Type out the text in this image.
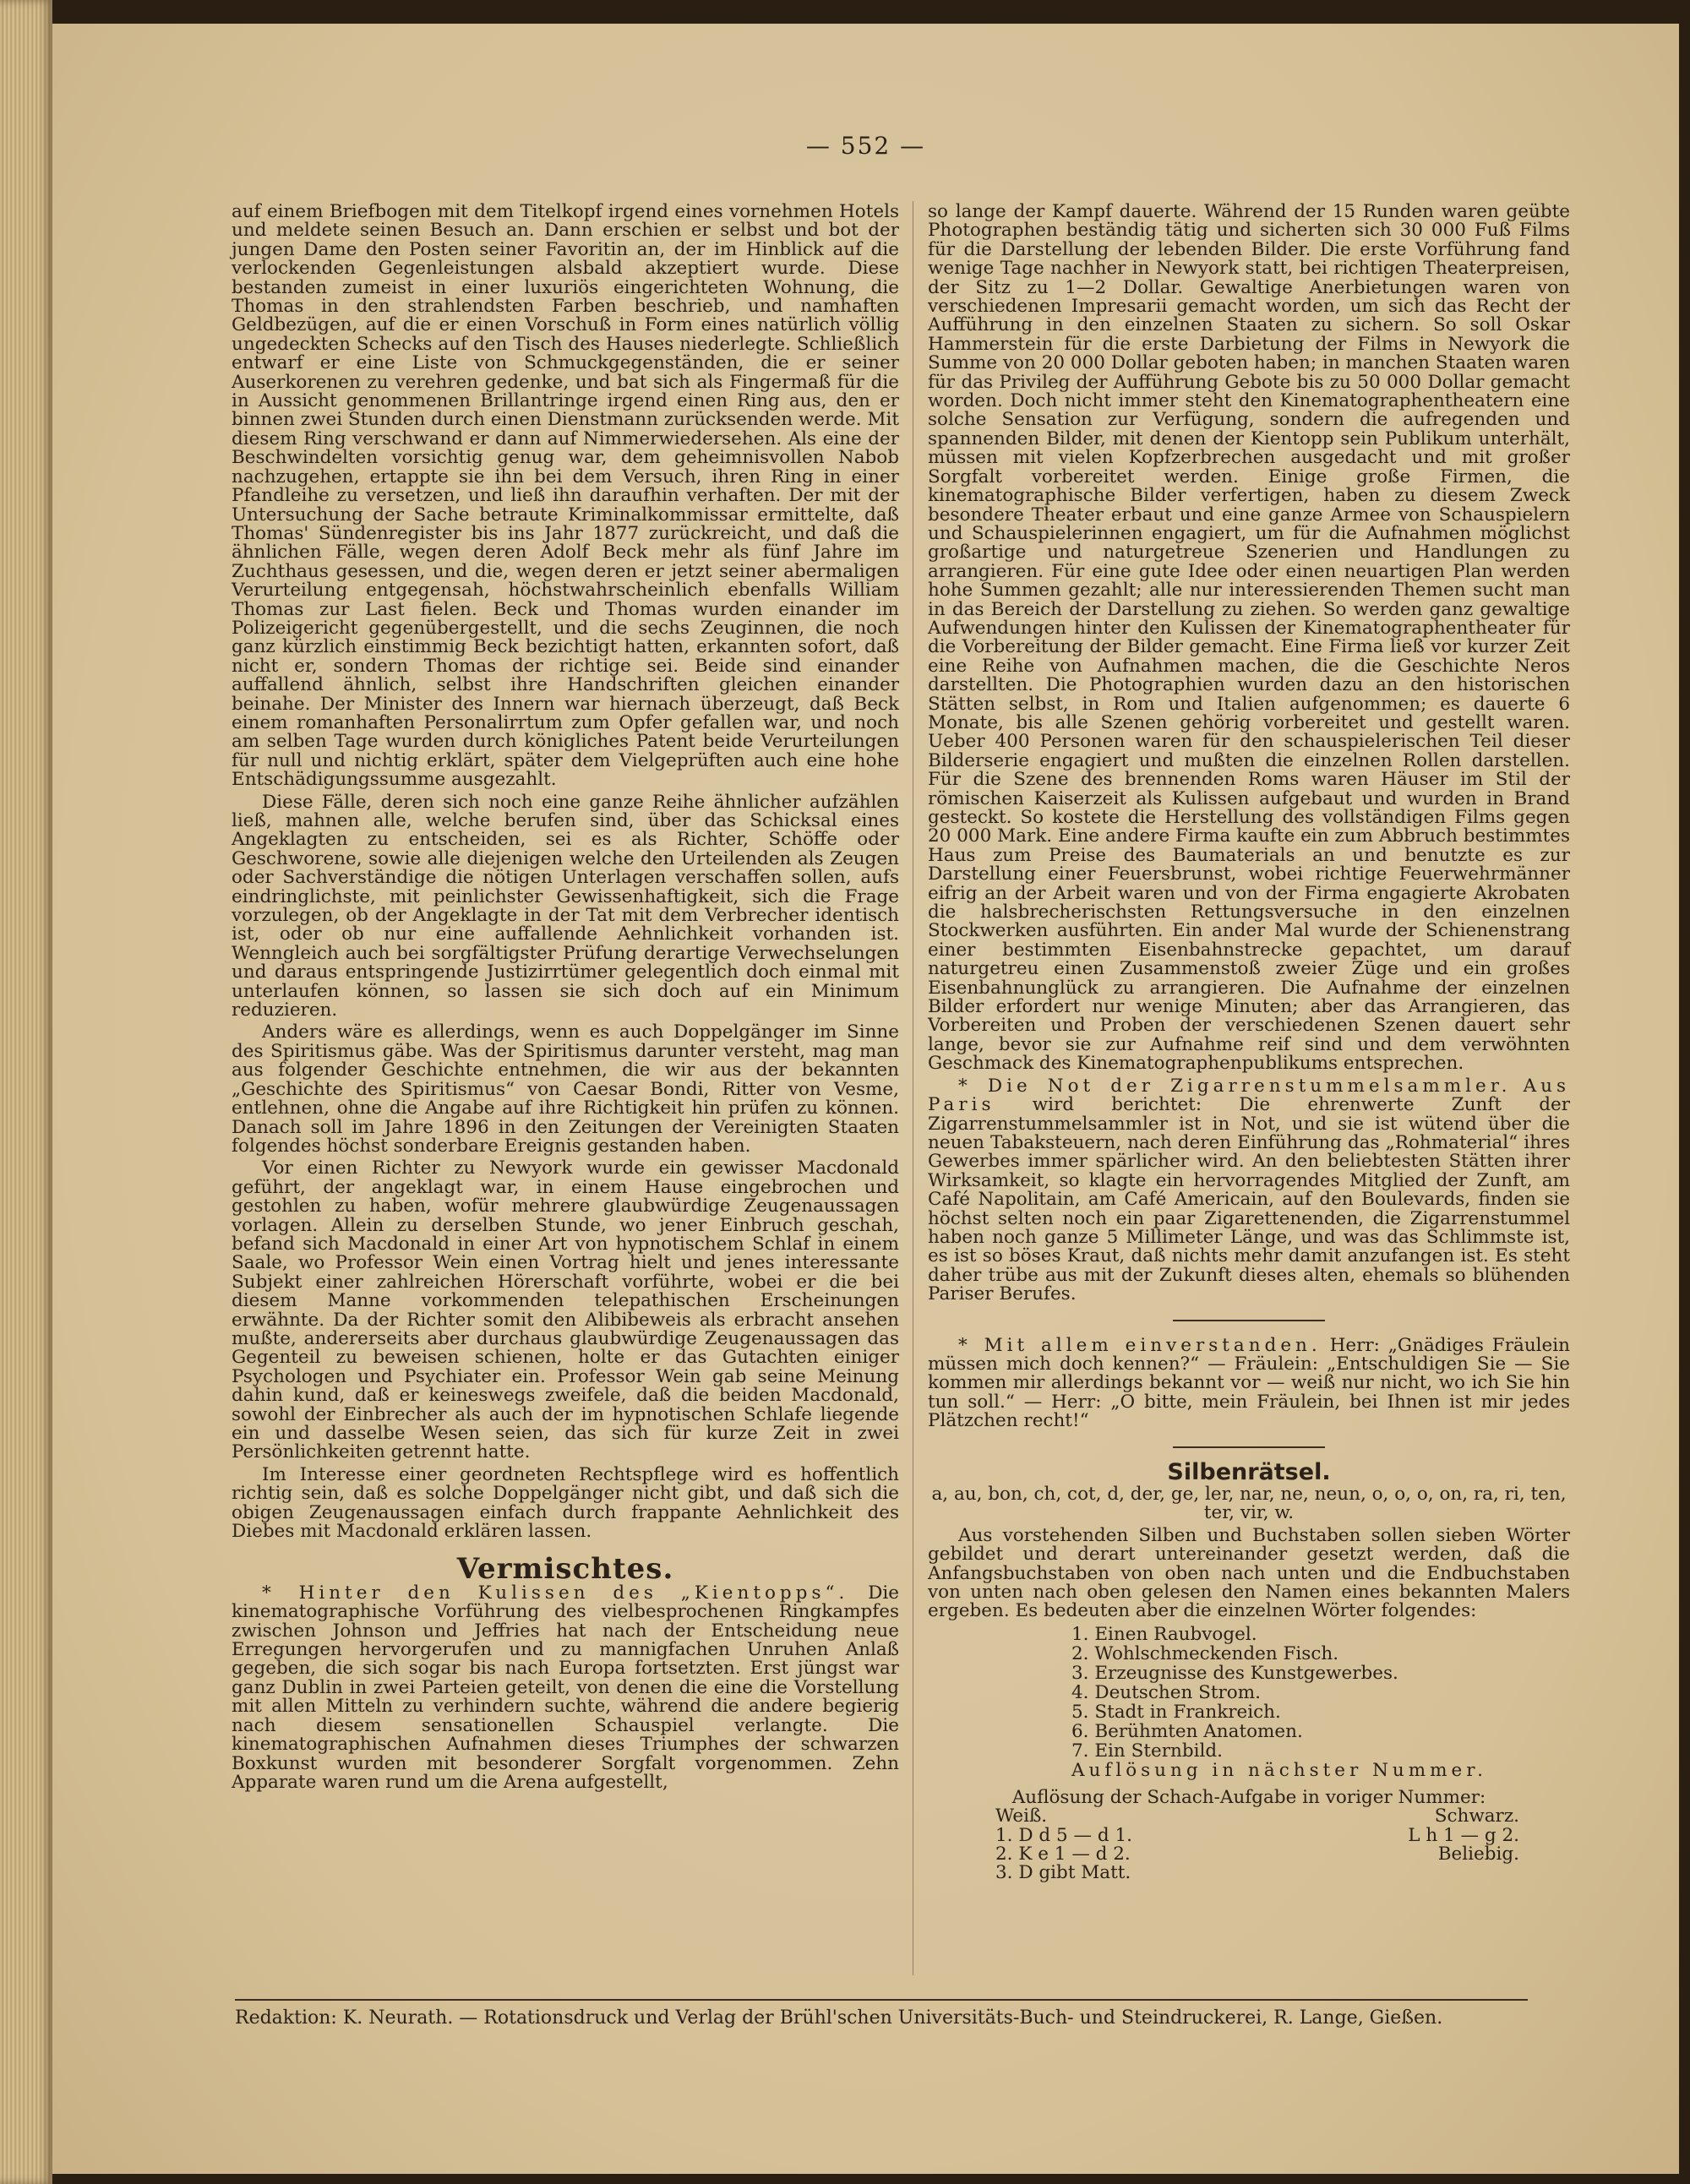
— 552 —

auf einem Briefbogen mit dem Titelkopf irgend eines vornehmen Hotels und meldete seinen Besuch an. Dann erschien er selbst und bot der jungen Dame den Posten seiner Favoritin an, der im Hinblick auf die verlockenden Gegenleistungen alsbald akzeptiert wurde. Diese bestanden zumeist in einer luxuriös eingerichteten Wohnung, die Thomas in den strahlendsten Farben beschrieb, und namhaften Geldbezügen, auf die er einen Vorschuß in Form eines natürlich völlig ungedeckten Schecks auf den Tisch des Hauses niederlegte. Schließlich entwarf er eine Liste von Schmuckgegenständen, die er seiner Auserkorenen zu verehren gedenke, und bat sich als Fingermaß für die in Aussicht genommenen Brillantringe irgend einen Ring aus, den er binnen zwei Stunden durch einen Dienstmann zurücksenden werde. Mit diesem Ring verschwand er dann auf Nimmerwiedersehen. Als eine der Beschwindelten vorsichtig genug war, dem geheimnisvollen Nabob nachzugehen, ertappte sie ihn bei dem Versuch, ihren Ring in einer Pfandleihe zu versetzen, und ließ ihn daraufhin verhaften. Der mit der Untersuchung der Sache betraute Kriminalkommissar ermittelte, daß Thomas' Sündenregister bis ins Jahr 1877 zurückreicht, und daß die ähnlichen Fälle, wegen deren Adolf Beck mehr als fünf Jahre im Zuchthaus gesessen, und die, wegen deren er jetzt seiner abermaligen Verurteilung entgegensah, höchstwahrscheinlich ebenfalls William Thomas zur Last fielen. Beck und Thomas wurden einander im Polizeigericht gegenübergestellt, und die sechs Zeuginnen, die noch ganz kürzlich einstimmig Beck bezichtigt hatten, erkannten sofort, daß nicht er, sondern Thomas der richtige sei. Beide sind einander auffallend ähnlich, selbst ihre Handschriften gleichen einander beinahe. Der Minister des Innern war hiernach überzeugt, daß Beck einem romanhaften Personalirrtum zum Opfer gefallen war, und noch am selben Tage wurden durch königliches Patent beide Verurteilungen für null und nichtig erklärt, später dem Vielgeprüften auch eine hohe Entschädigungssumme ausgezahlt.

Diese Fälle, deren sich noch eine ganze Reihe ähnlicher aufzählen ließ, mahnen alle, welche berufen sind, über das Schicksal eines Angeklagten zu entscheiden, sei es als Richter, Schöffe oder Geschworene, sowie alle diejenigen welche den Urteilenden als Zeugen oder Sachverständige die nötigen Unterlagen verschaffen sollen, aufs eindringlichste, mit peinlichster Gewissenhaftigkeit, sich die Frage vorzulegen, ob der Angeklagte in der Tat mit dem Verbrecher identisch ist, oder ob nur eine auffallende Aehnlichkeit vorhanden ist. Wenngleich auch bei sorgfältigster Prüfung derartige Verwechselungen und daraus entspringende Justizirrtümer gelegentlich doch einmal mit unterlaufen können, so lassen sie sich doch auf ein Minimum reduzieren.

Anders wäre es allerdings, wenn es auch Doppelgänger im Sinne des Spiritismus gäbe. Was der Spiritismus darunter versteht, mag man aus folgender Geschichte entnehmen, die wir aus der bekannten „Geschichte des Spiritismus“ von Caesar Bondi, Ritter von Vesme, entlehnen, ohne die Angabe auf ihre Richtigkeit hin prüfen zu können. Danach soll im Jahre 1896 in den Zeitungen der Vereinigten Staaten folgendes höchst sonderbare Ereignis gestanden haben.

Vor einen Richter zu Newyork wurde ein gewisser Macdonald geführt, der angeklagt war, in einem Hause eingebrochen und gestohlen zu haben, wofür mehrere glaubwürdige Zeugenaussagen vorlagen. Allein zu derselben Stunde, wo jener Einbruch geschah, befand sich Macdonald in einer Art von hypnotischem Schlaf in einem Saale, wo Professor Wein einen Vortrag hielt und jenes interessante Subjekt einer zahlreichen Hörerschaft vorführte, wobei er die bei diesem Manne vorkommenden telepathischen Erscheinungen erwähnte. Da der Richter somit den Alibibeweis als erbracht ansehen mußte, andererseits aber durchaus glaubwürdige Zeugenaussagen das Gegenteil zu beweisen schienen, holte er das Gutachten einiger Psychologen und Psychiater ein. Professor Wein gab seine Meinung dahin kund, daß er keineswegs zweifele, daß die beiden Macdonald, sowohl der Einbrecher als auch der im hypnotischen Schlafe liegende ein und dasselbe Wesen seien, das sich für kurze Zeit in zwei Persönlichkeiten getrennt hatte.

Im Interesse einer geordneten Rechtspflege wird es hoffentlich richtig sein, daß es solche Doppelgänger nicht gibt, und daß sich die obigen Zeugenaussagen einfach durch frappante Aehnlichkeit des Diebes mit Macdonald erklären lassen.

Vermischtes.

* Hinter den Kulissen des „Kientopps“. Die kinematographische Vorführung des vielbesprochenen Ringkampfes zwischen Johnson und Jeffries hat nach der Entscheidung neue Erregungen hervorgerufen und zu mannigfachen Unruhen Anlaß gegeben, die sich sogar bis nach Europa fortsetzten. Erst jüngst war ganz Dublin in zwei Parteien geteilt, von denen die eine die Vorstellung mit allen Mitteln zu verhindern suchte, während die andere begierig nach diesem sensationellen Schauspiel verlangte. Die kinematographischen Aufnahmen dieses Triumphes der schwarzen Boxkunst wurden mit besonderer Sorgfalt vorgenommen. Zehn Apparate waren rund um die Arena aufgestellt,

so lange der Kampf dauerte. Während der 15 Runden waren geübte Photographen beständig tätig und sicherten sich 30 000 Fuß Films für die Darstellung der lebenden Bilder. Die erste Vorführung fand wenige Tage nachher in Newyork statt, bei richtigen Theaterpreisen, der Sitz zu 1—2 Dollar. Gewaltige Anerbietungen waren von verschiedenen Impresarii gemacht worden, um sich das Recht der Aufführung in den einzelnen Staaten zu sichern. So soll Oskar Hammerstein für die erste Darbietung der Films in Newyork die Summe von 20 000 Dollar geboten haben; in manchen Staaten waren für das Privileg der Aufführung Gebote bis zu 50 000 Dollar gemacht worden. Doch nicht immer steht den Kinematographentheatern eine solche Sensation zur Verfügung, sondern die aufregenden und spannenden Bilder, mit denen der Kientopp sein Publikum unterhält, müssen mit vielen Kopfzerbrechen ausgedacht und mit großer Sorgfalt vorbereitet werden. Einige große Firmen, die kinematographische Bilder verfertigen, haben zu diesem Zweck besondere Theater erbaut und eine ganze Armee von Schauspielern und Schauspielerinnen engagiert, um für die Aufnahmen möglichst großartige und naturgetreue Szenerien und Handlungen zu arrangieren. Für eine gute Idee oder einen neuartigen Plan werden hohe Summen gezahlt; alle nur interessierenden Themen sucht man in das Bereich der Darstellung zu ziehen. So werden ganz gewaltige Aufwendungen hinter den Kulissen der Kinematographentheater für die Vorbereitung der Bilder gemacht. Eine Firma ließ vor kurzer Zeit eine Reihe von Aufnahmen machen, die die Geschichte Neros darstellten. Die Photographien wurden dazu an den historischen Stätten selbst, in Rom und Italien aufgenommen; es dauerte 6 Monate, bis alle Szenen gehörig vorbereitet und gestellt waren. Ueber 400 Personen waren für den schauspielerischen Teil dieser Bilderserie engagiert und mußten die einzelnen Rollen darstellen. Für die Szene des brennenden Roms waren Häuser im Stil der römischen Kaiserzeit als Kulissen aufgebaut und wurden in Brand gesteckt. So kostete die Herstellung des vollständigen Films gegen 20 000 Mark. Eine andere Firma kaufte ein zum Abbruch bestimmtes Haus zum Preise des Baumaterials an und benutzte es zur Darstellung einer Feuersbrunst, wobei richtige Feuerwehrmänner eifrig an der Arbeit waren und von der Firma engagierte Akrobaten die halsbrecherischsten Rettungsversuche in den einzelnen Stockwerken ausführten. Ein ander Mal wurde der Schienenstrang einer bestimmten Eisenbahnstrecke gepachtet, um darauf naturgetreu einen Zusammenstoß zweier Züge und ein großes Eisenbahnunglück zu arrangieren. Die Aufnahme der einzelnen Bilder erfordert nur wenige Minuten; aber das Arrangieren, das Vorbereiten und Proben der verschiedenen Szenen dauert sehr lange, bevor sie zur Aufnahme reif sind und dem verwöhnten Geschmack des Kinematographenpublikums entsprechen.

* Die Not der Zigarrenstummelsammler. Aus Paris wird berichtet: Die ehrenwerte Zunft der Zigarrenstummelsammler ist in Not, und sie ist wütend über die neuen Tabaksteuern, nach deren Einführung das „Rohmaterial“ ihres Gewerbes immer spärlicher wird. An den beliebtesten Stätten ihrer Wirksamkeit, so klagte ein hervorragendes Mitglied der Zunft, am Café Napolitain, am Café Americain, auf den Boulevards, finden sie höchst selten noch ein paar Zigarettenenden, die Zigarrenstummel haben noch ganze 5 Millimeter Länge, und was das Schlimmste ist, es ist so böses Kraut, daß nichts mehr damit anzufangen ist. Es steht daher trübe aus mit der Zukunft dieses alten, ehemals so blühenden Pariser Berufes.

* Mit allem einverstanden. Herr: „Gnädiges Fräulein müssen mich doch kennen?“ — Fräulein: „Entschuldigen Sie — Sie kommen mir allerdings bekannt vor — weiß nur nicht, wo ich Sie hin tun soll.“ — Herr: „O bitte, mein Fräulein, bei Ihnen ist mir jedes Plätzchen recht!“

Silbenrätsel.

a, au, bon, ch, cot, d, der, ge, ler, nar, ne, neun, o, o, o, on, ra, ri, ten, ter, vir, w.

Aus vorstehenden Silben und Buchstaben sollen sieben Wörter gebildet und derart untereinander gesetzt werden, daß die Anfangsbuchstaben von oben nach unten und die Endbuchstaben von unten nach oben gelesen den Namen eines bekannten Malers ergeben. Es bedeuten aber die einzelnen Wörter folgendes:

1. Einen Raubvogel.
2. Wohlschmeckenden Fisch.
3. Erzeugnisse des Kunstgewerbes.
4. Deutschen Strom.
5. Stadt in Frankreich.
6. Berühmten Anatomen.
7. Ein Sternbild.
Auflösung in nächster Nummer.
Auflösung der Schach-Aufgabe in voriger Nummer:
Weiß.	Schwarz.
1. D d 5 — d 1.	L h 1 — g 2.
2. K e 1 — d 2.	Beliebig.
3. D gibt Matt.
Redaktion: K. Neurath. — Rotationsdruck und Verlag der Brühl'schen Universitäts-Buch- und Steindruckerei, R. Lange, Gießen.
